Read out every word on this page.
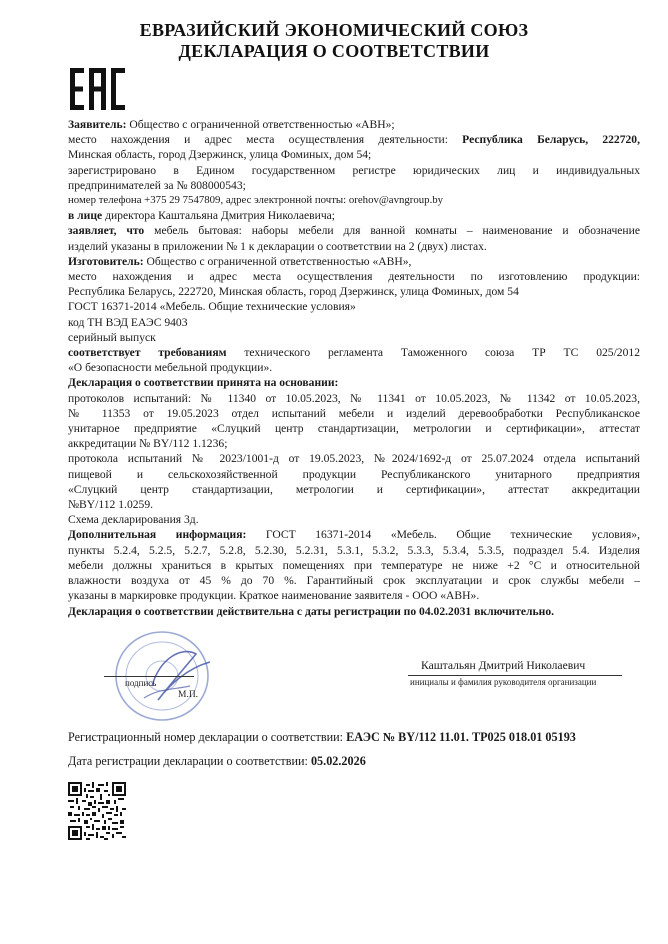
ЕВРАЗИЙСКИЙ ЭКОНОМИЧЕСКИЙ СОЮЗ
ДЕКЛАРАЦИЯ О СООТВЕТСТВИИ
Заявитель: Общество с ограниченной ответственностью «АВН»;
место нахождения и адрес места осуществления деятельности: Республика Беларусь, 222720,
Минская область, город Дзержинск, улица Фоминых, дом 54;
зарегистрировано в Едином государственном регистре юридических лиц и индивидуальных
предпринимателей за № 808000543;
номер телефона +375 29 7547809, адрес электронной почты: orehov@avngroup.by
в лице директора Каштальяна Дмитрия Николаевича;
заявляет, что мебель бытовая: наборы мебели для ванной комнаты – наименование и обозначение
изделий указаны в приложении № 1 к декларации о соответствии на 2 (двух) листах.
Изготовитель: Общество с ограниченной ответственностью «АВН»,
место нахождения и адрес места осуществления деятельности по изготовлению продукции:
Республика Беларусь, 222720, Минская область, город Дзержинск, улица Фоминых, дом 54
ГОСТ 16371-2014 «Мебель. Общие технические условия»
код ТН ВЭД ЕАЭС 9403
серийный выпуск
соответствует требованиям технического регламента Таможенного союза ТР ТС 025/2012
«О безопасности мебельной продукции».
Декларация о соответствии принята на основании:
протоколов испытаний: № 11340 от 10.05.2023, № 11341 от 10.05.2023, № 11342 от 10.05.2023,
№ 11353 от 19.05.2023 отдел испытаний мебели и изделий деревообработки Республиканское
унитарное предприятие «Слуцкий центр стандартизации, метрологии и сертификации», аттестат
аккредитации № BY/112 1.1236;
протокола испытаний № 2023/1001-д от 19.05.2023, №2024/1692-д от 25.07.2024 отдела испытаний
пищевой и сельскохозяйственной продукции Республиканского унитарного предприятия
«Слуцкий центр стандартизации, метрологии и сертификации», аттестат аккредитации
№BY/112 1.0259.
Схема декларирования 3д.
Дополнительная информация: ГОСТ 16371-2014 «Мебель. Общие технические условия»,
пункты 5.2.4, 5.2.5, 5.2.7, 5.2.8, 5.2.30, 5.2.31, 5.3.1, 5.3.2, 5.3.3, 5.3.4, 5.3.5, подраздел 5.4. Изделия
мебели должны храниться в крытых помещениях при температуре не ниже +2 °С и относительной
влажности воздуха от 45 % до 70 %. Гарантийный срок эксплуатации и срок службы мебели –
указаны в маркировке продукции. Краткое наименование заявителя - ООО «АВН».
Декларация о соответствии действительна с даты регистрации по 04.02.2031 включительно.
подпись
М.П.
Каштальян Дмитрий Николаевич
инициалы и фамилия руководителя организации
Регистрационный номер декларации о соответствии: ЕАЭС № BY/112 11.01. ТР025 018.01 05193
Дата регистрации декларации о соответствии: 05.02.2026
